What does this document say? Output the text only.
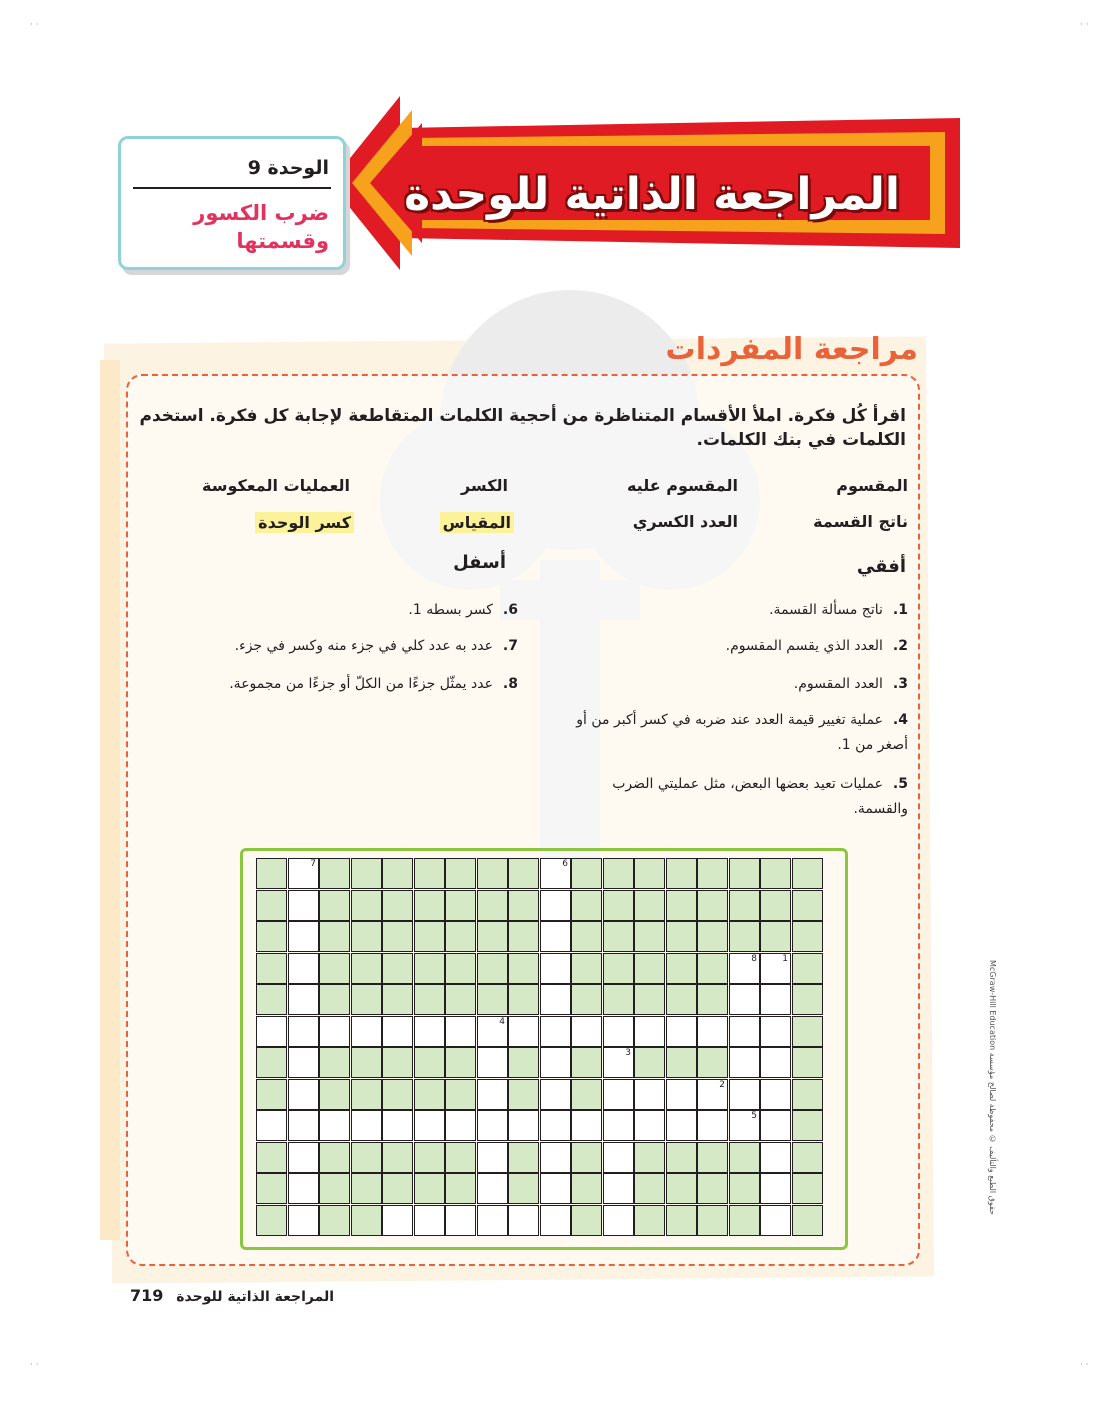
· ·	· ·
· ·	· ·
المراجعة الذاتية للوحدة
الوحدة 9
ضرب الكسور وقسمتها
مراجعة المفردات
اقرأ كُل فكرة. املأ الأقسام المتناظرة من أحجية الكلمات المتقاطعة لإجابة كل فكرة. استخدم الكلمات في بنك الكلمات.
المقسوم
المقسوم عليه
الكسر
العمليات المعكوسة
ناتج القسمة
العدد الكسري
المقياس
كسر الوحدة
أفقي
أسفل
1.ناتج مسألة القسمة.
2.العدد الذي يقسم المقسوم.
3.العدد المقسوم.
4.عملية تغيير قيمة العدد عند ضربه في كسر أكبر من أو أصغر من 1.
5.عمليات تعيد بعضها البعض، مثل عمليتي الضرب والقسمة.
6.كسر بسطه 1.
7.عدد به عدد كلي في جزء منه وكسر في جزء.
8.عدد يمثّل جزءًا من الكلّ أو جزءًا من مجموعة.
7	6
8	1
4
3
2
5
حقوق الطبع والتأليف © محفوظة لصالح مؤسسة McGraw-Hill Education
المراجعة الذاتية للوحدة 719
